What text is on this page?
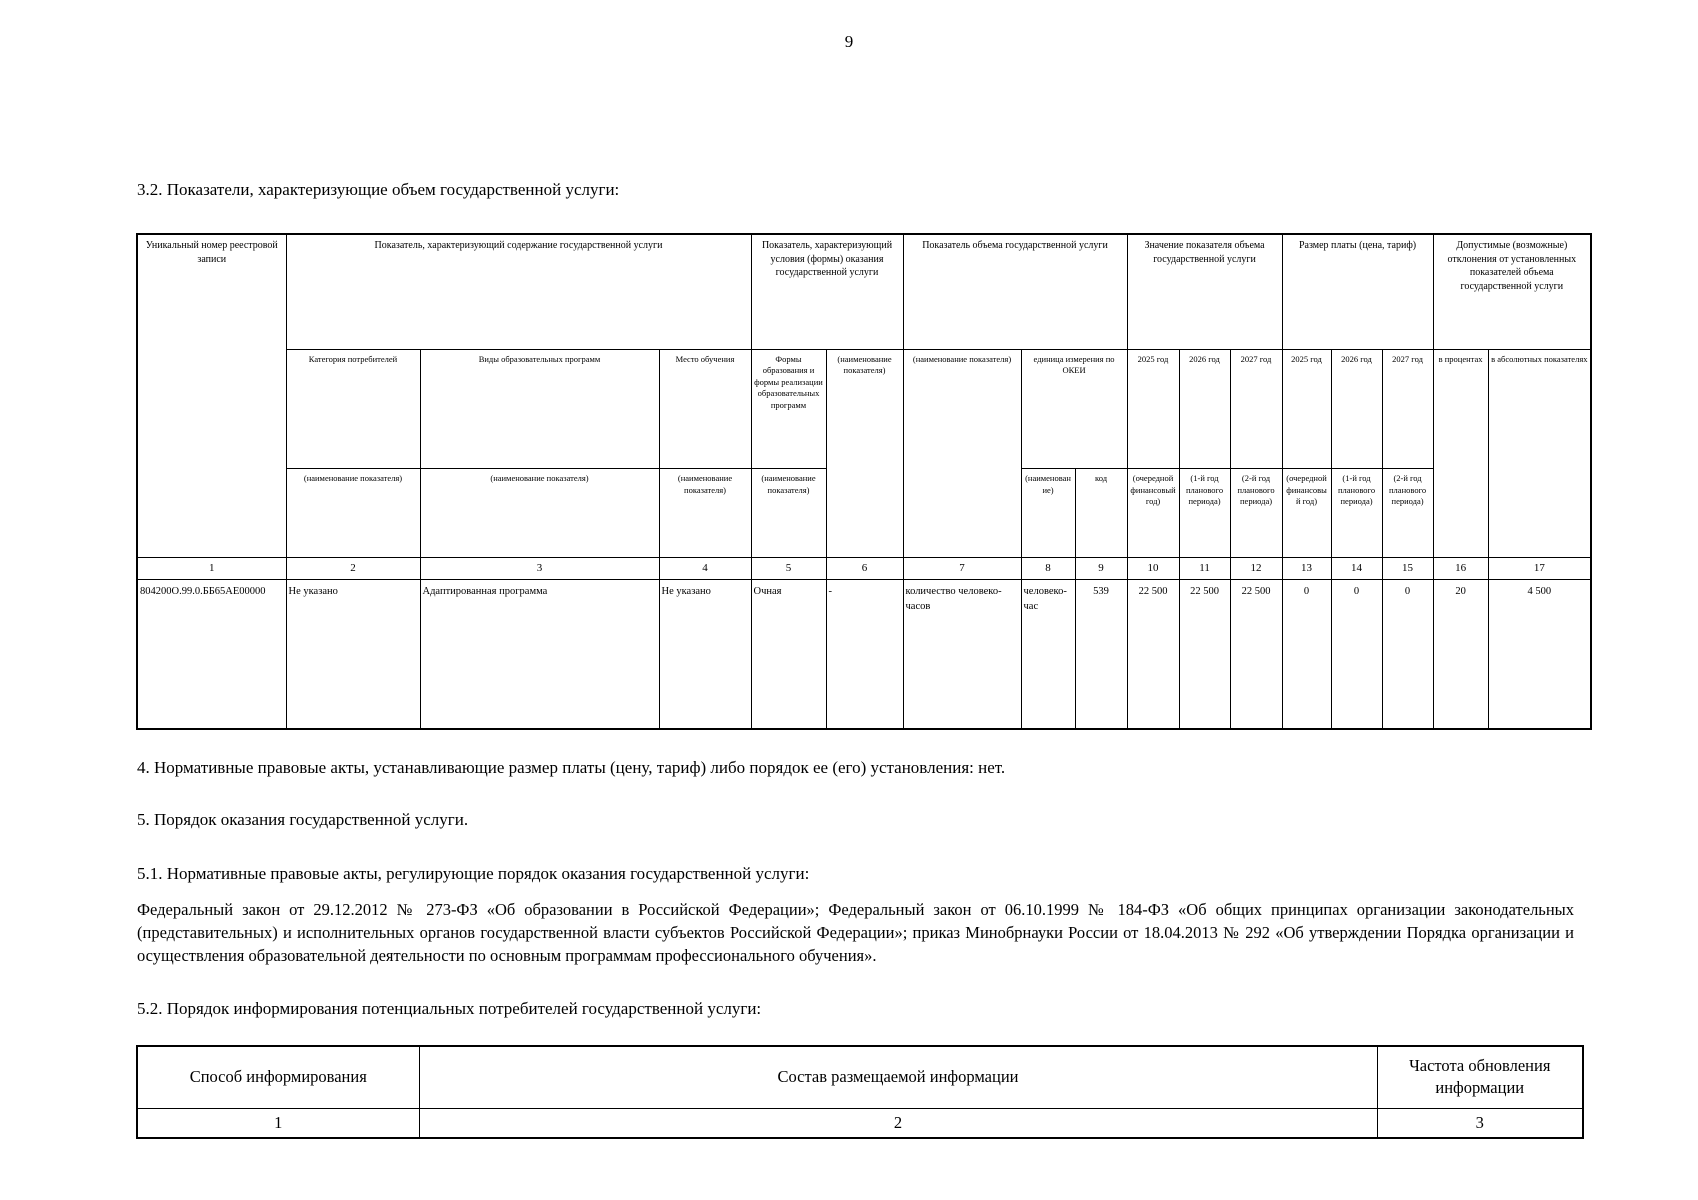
9
3.2. Показатели, характеризующие объем государственной услуги:
Уникальный номер реестровой записи	Показатель, характеризующий содержание государственной услуги			Показатель, характеризующий условия (формы) оказания государственной услуги		Показатель объема государственной услуги			Значение показателя объема государственной услуги			Размер платы (цена, тариф)			Допустимые (возможные) отклонения от установленных показателей объема государственной услуги	
	Категория потребителей	Виды образовательных программ	Место обучения	Формы образования и формы реализации образовательных программ	(наименование показателя)	(наименование показателя)	единица измерения по ОКЕИ		2025 год	2026 год	2027 год	2025 год	2026 год	2027 год	в процентах	в абсолютных показателях
	(наименование показателя)	(наименование показателя)	(наименование показателя)	(наименование показателя)			(наименование)	код	(очередной финансовый год)	(1-й год планового периода)	(2-й год планового периода)	(очередной финансовый год)	(1-й год планового периода)	(2-й год планового периода)		
1	2	3	4	5	6	7	8	9	10	11	12	13	14	15	16	17
804200О.99.0.ББ65АЕ00000	Не указано	Адаптированная программа	Не указано	Очная	-	количество человеко-часов	человеко-час	539	22 500	22 500	22 500	0	0	0	20	4 500
4. Нормативные правовые акты, устанавливающие размер платы (цену, тариф) либо порядок ее (его) установления: нет.
5. Порядок оказания государственной услуги.
5.1. Нормативные правовые акты, регулирующие порядок оказания государственной услуги:
Федеральный закон от 29.12.2012 № 273-ФЗ «Об образовании в Российской Федерации»; Федеральный закон от 06.10.1999 № 184-ФЗ «Об общих принципах организации законодательных (представительных) и исполнительных органов государственной власти субъектов Российской Федерации»; приказ Минобрнауки России от 18.04.2013 № 292 «Об утверждении Порядка организации и осуществления образовательной деятельности по основным программам профессионального обучения».
5.2. Порядок информирования потенциальных потребителей государственной услуги:
Способ информирования	Состав размещаемой информации	Частота обновления информации
1	2	3
